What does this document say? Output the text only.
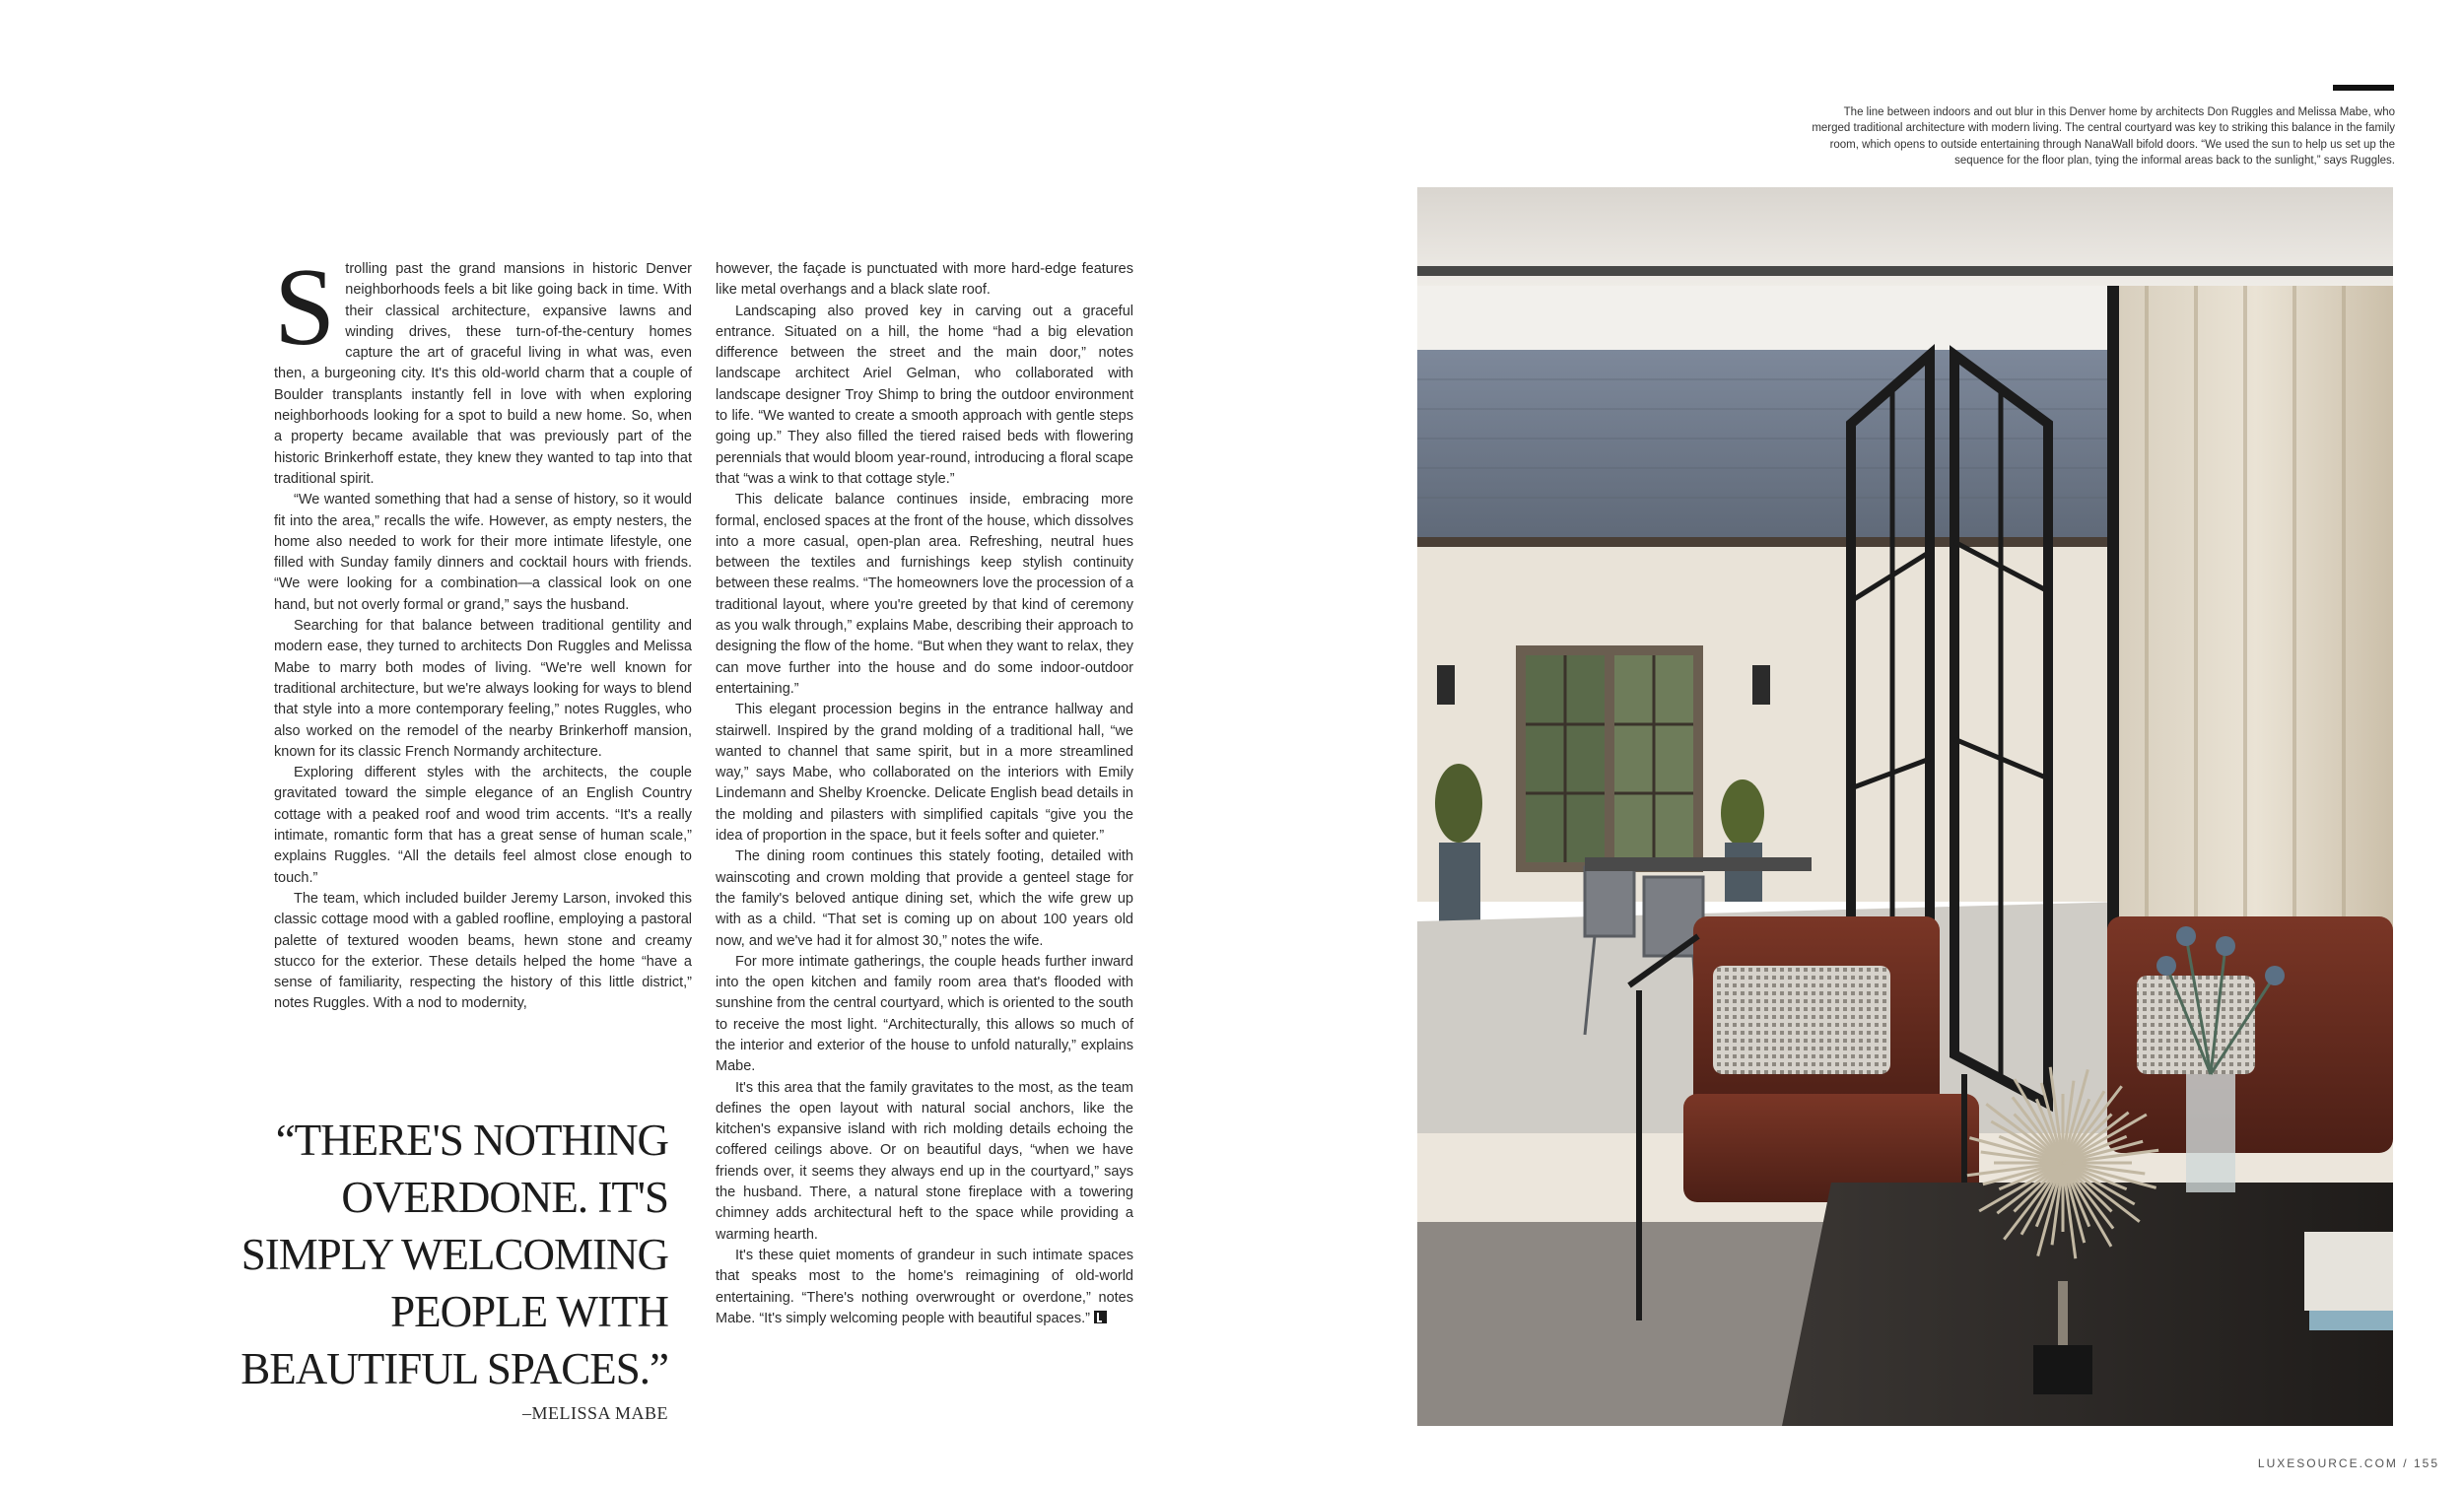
Strolling past the grand mansions in historic Denver neighborhoods feels a bit like going back in time. With their classical architecture, expansive lawns and winding drives, these turn-of-the-century homes capture the art of graceful living in what was, even then, a burgeoning city. It's this old-world charm that a couple of Boulder transplants instantly fell in love with when exploring neighborhoods looking for a spot to build a new home. So, when a property became available that was previously part of the historic Brinkerhoff estate, they knew they wanted to tap into that traditional spirit.

“We wanted something that had a sense of history, so it would fit into the area,” recalls the wife. However, as empty nesters, the home also needed to work for their more intimate lifestyle, one filled with Sunday family dinners and cocktail hours with friends. “We were looking for a combination—a classical look on one hand, but not overly formal or grand,” says the husband.

Searching for that balance between traditional gentility and modern ease, they turned to architects Don Ruggles and Melissa Mabe to marry both modes of living. “We're well known for traditional architecture, but we're always looking for ways to blend that style into a more contemporary feeling,” notes Ruggles, who also worked on the remodel of the nearby Brinkerhoff mansion, known for its classic French Normandy architecture.

Exploring different styles with the architects, the couple gravitated toward the simple elegance of an English Country cottage with a peaked roof and wood trim accents. “It's a really intimate, romantic form that has a great sense of human scale,” explains Ruggles. “All the details feel almost close enough to touch.”

The team, which included builder Jeremy Larson, invoked this classic cottage mood with a gabled roofline, employing a pastoral palette of textured wooden beams, hewn stone and creamy stucco for the exterior. These details helped the home “have a sense of familiarity, respecting the history of this little district,” notes Ruggles. With a nod to modernity,

however, the façade is punctuated with more hard-edge features like metal overhangs and a black slate roof.

Landscaping also proved key in carving out a graceful entrance. Situated on a hill, the home “had a big elevation difference between the street and the main door,” notes landscape architect Ariel Gelman, who collaborated with landscape designer Troy Shimp to bring the outdoor environment to life. “We wanted to create a smooth approach with gentle steps going up.” They also filled the tiered raised beds with flowering perennials that would bloom year-round, introducing a floral scape that “was a wink to that cottage style.”

This delicate balance continues inside, embracing more formal, enclosed spaces at the front of the house, which dissolves into a more casual, open-plan area. Refreshing, neutral hues between the textiles and furnishings keep stylish continuity between these realms. “The homeowners love the procession of a traditional layout, where you're greeted by that kind of ceremony as you walk through,” explains Mabe, describing their approach to designing the flow of the home. “But when they want to relax, they can move further into the house and do some indoor-outdoor entertaining.”

This elegant procession begins in the entrance hallway and stairwell. Inspired by the grand molding of a traditional hall, “we wanted to channel that same spirit, but in a more streamlined way,” says Mabe, who collaborated on the interiors with Emily Lindemann and Shelby Kroencke. Delicate English bead details in the molding and pilasters with simplified capitals “give you the idea of proportion in the space, but it feels softer and quieter.”

The dining room continues this stately footing, detailed with wainscoting and crown molding that provide a genteel stage for the family's beloved antique dining set, which the wife grew up with as a child. “That set is coming up on about 100 years old now, and we've had it for almost 30,” notes the wife.

For more intimate gatherings, the couple heads further inward into the open kitchen and family room area that's flooded with sunshine from the central courtyard, which is oriented to the south to receive the most light. “Architecturally, this allows so much of the interior and exterior of the house to unfold naturally,” explains Mabe.

It's this area that the family gravitates to the most, as the team defines the open layout with natural social anchors, like the kitchen's expansive island with rich molding details echoing the coffered ceilings above. Or on beautiful days, “when we have friends over, it seems they always end up in the courtyard,” says the husband. There, a natural stone fireplace with a towering chimney adds architectural heft to the space while providing a warming hearth.

It's these quiet moments of grandeur in such intimate spaces that speaks most to the home's reimagining of old-world entertaining. “There's nothing overwrought or overdone,” notes Mabe. “It's simply welcoming people with beautiful spaces.”

“THERE'S NOTHING OVERDONE. IT'S SIMPLY WELCOMING PEOPLE WITH BEAUTIFUL SPACES.”
–MELISSA MABE
The line between indoors and out blur in this Denver home by architects Don Ruggles and Melissa Mabe, who merged traditional architecture with modern living. The central courtyard was key to striking this balance in the family room, which opens to outside entertaining through NanaWall bifold doors. “We used the sun to help us set up the sequence for the floor plan, tying the informal areas back to the sunlight,” says Ruggles.
LUXESOURCE.COM / 155
